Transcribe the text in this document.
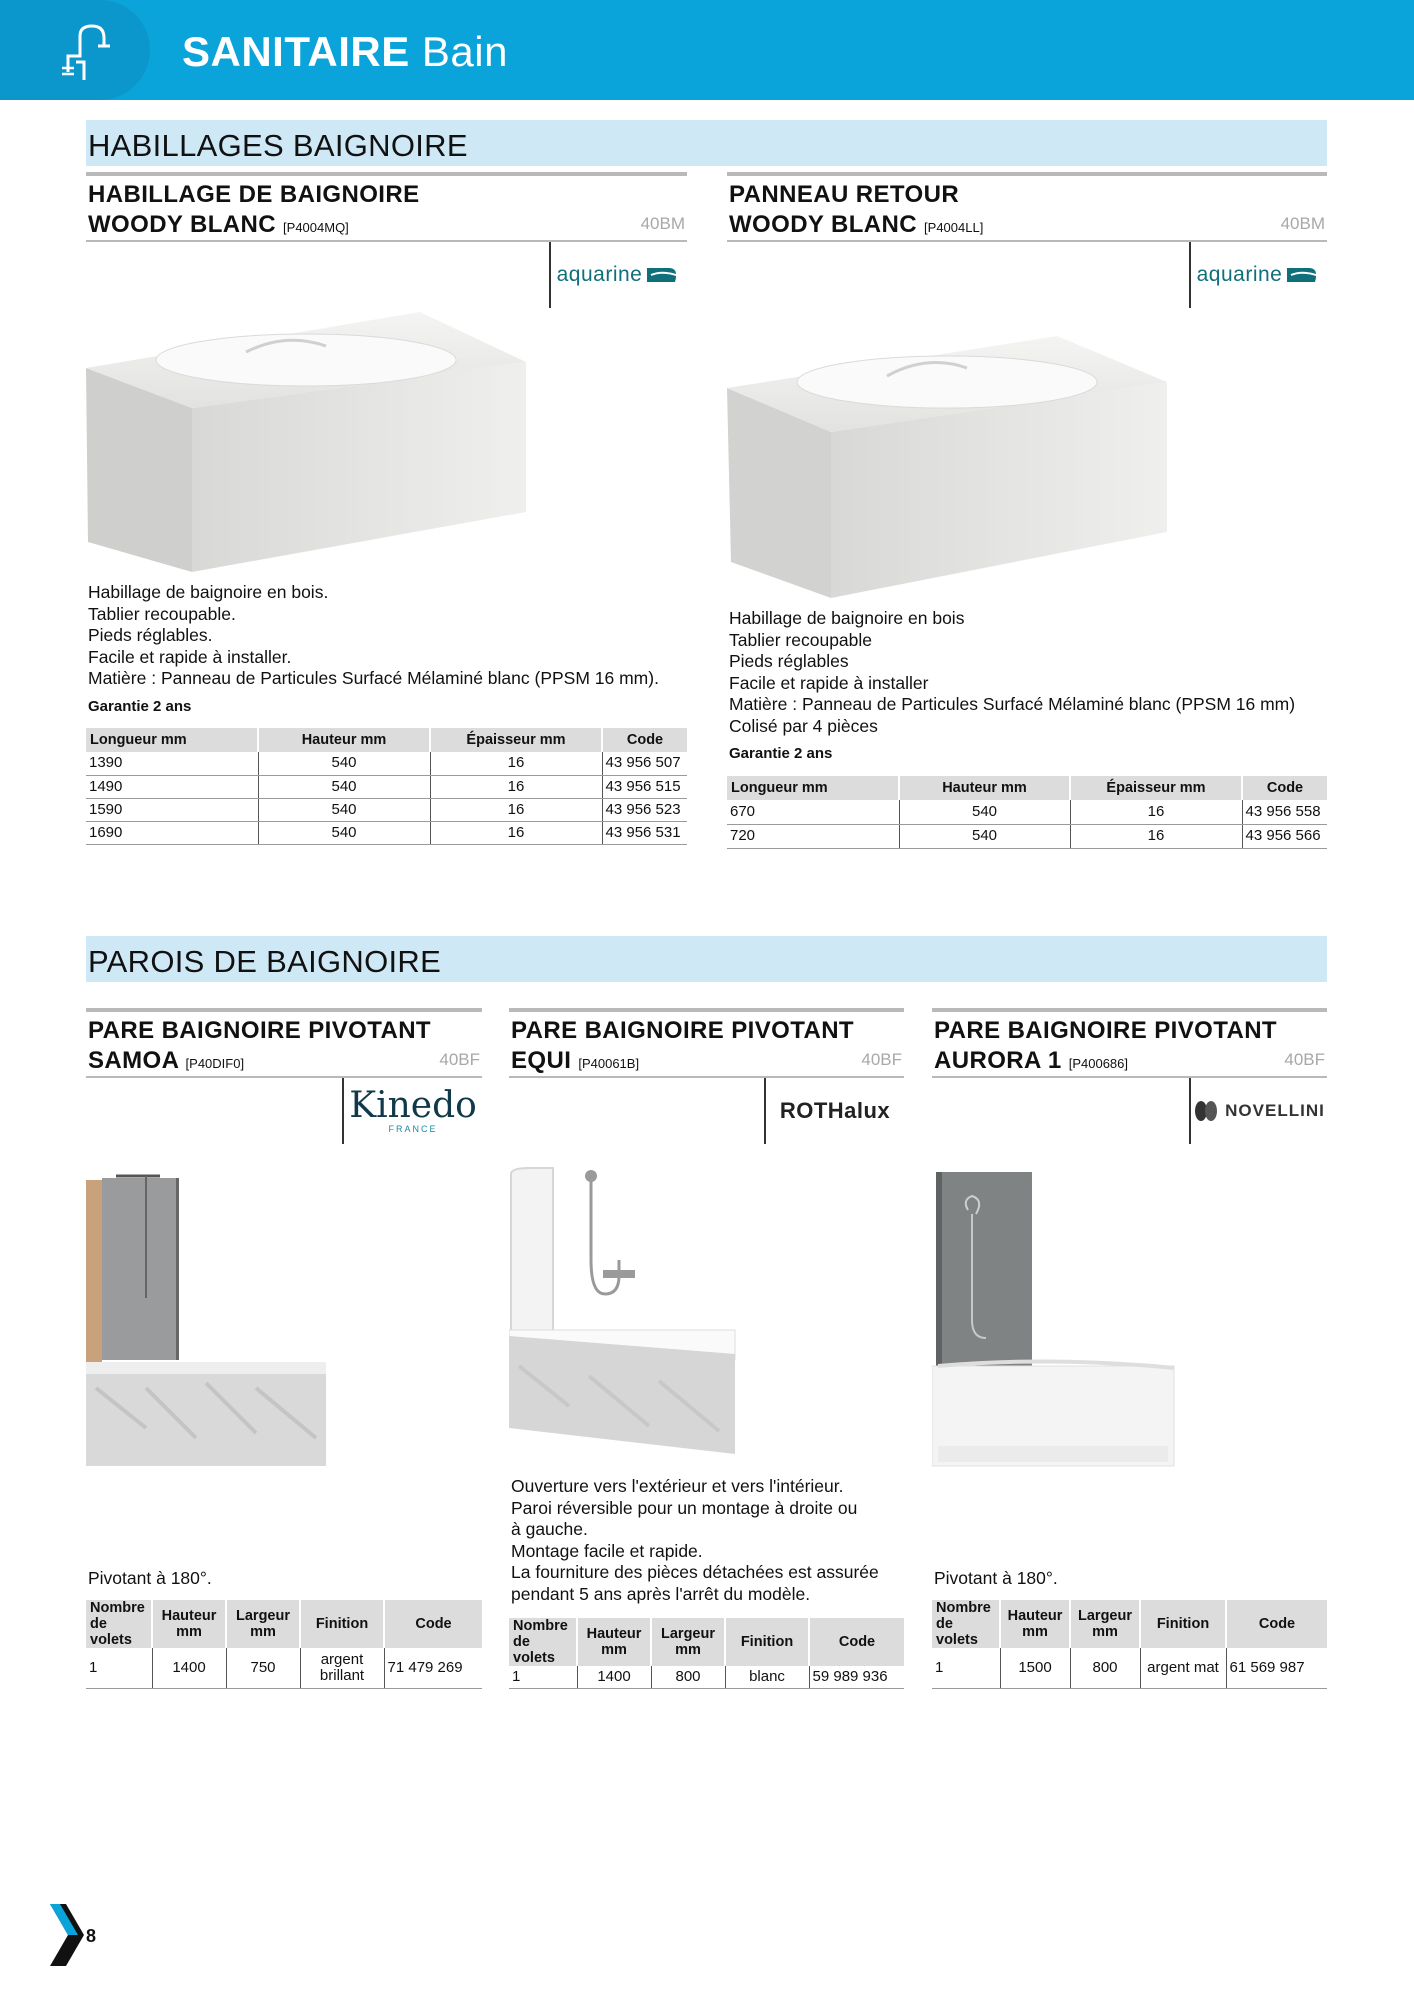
SANITAIRE Bain
HABILLAGES BAIGNOIRE
HABILLAGE DE BAIGNOIRE
WOODY BLANC [P4004MQ]	40BM
aquarine
Habillage de baignoire en bois.
Tablier recoupable.
Pieds réglables.
Facile et rapide à installer.
Matière : Panneau de Particules Surfacé Mélaminé blanc (PPSM 16 mm).
Garantie 2 ans
Longueur mm	Hauteur mm	Épaisseur mm	Code
1390	540	16	43 956 507
1490	540	16	43 956 515
1590	540	16	43 956 523
1690	540	16	43 956 531
PANNEAU RETOUR
WOODY BLANC [P4004LL]	40BM
aquarine
Habillage de baignoire en bois
Tablier recoupable
Pieds réglables
Facile et rapide à installer
Matière : Panneau de Particules Surfacé Mélaminé blanc (PPSM 16 mm)
Colisé par 4 pièces
Garantie 2 ans
Longueur mm	Hauteur mm	Épaisseur mm	Code
670	540	16	43 956 558
720	540	16	43 956 566
PAROIS DE BAIGNOIRE
PARE BAIGNOIRE PIVOTANT
SAMOA [P40DIF0]	40BF
Kinedo
FRANCE
Pivotant à 180°.
Nombre de volets	Hauteur mm	Largeur mm	Finition	Code
1	1400	750	argent brillant	71 479 269
PARE BAIGNOIRE PIVOTANT
EQUI [P40061B]	40BF
ROTHalux
Ouverture vers l'extérieur et vers l'intérieur.
Paroi réversible pour un montage à droite ou
à gauche.
Montage facile et rapide.
La fourniture des pièces détachées est assurée
pendant 5 ans après l'arrêt du modèle.
Nombre de volets	Hauteur mm	Largeur mm	Finition	Code
1	1400	800	blanc	59 989 936
PARE BAIGNOIRE PIVOTANT
AURORA 1 [P400686]	40BF
NOVELLINI
Pivotant à 180°.
Nombre de volets	Hauteur mm	Largeur mm	Finition	Code
1	1500	800	argent mat	61 569 987
8
